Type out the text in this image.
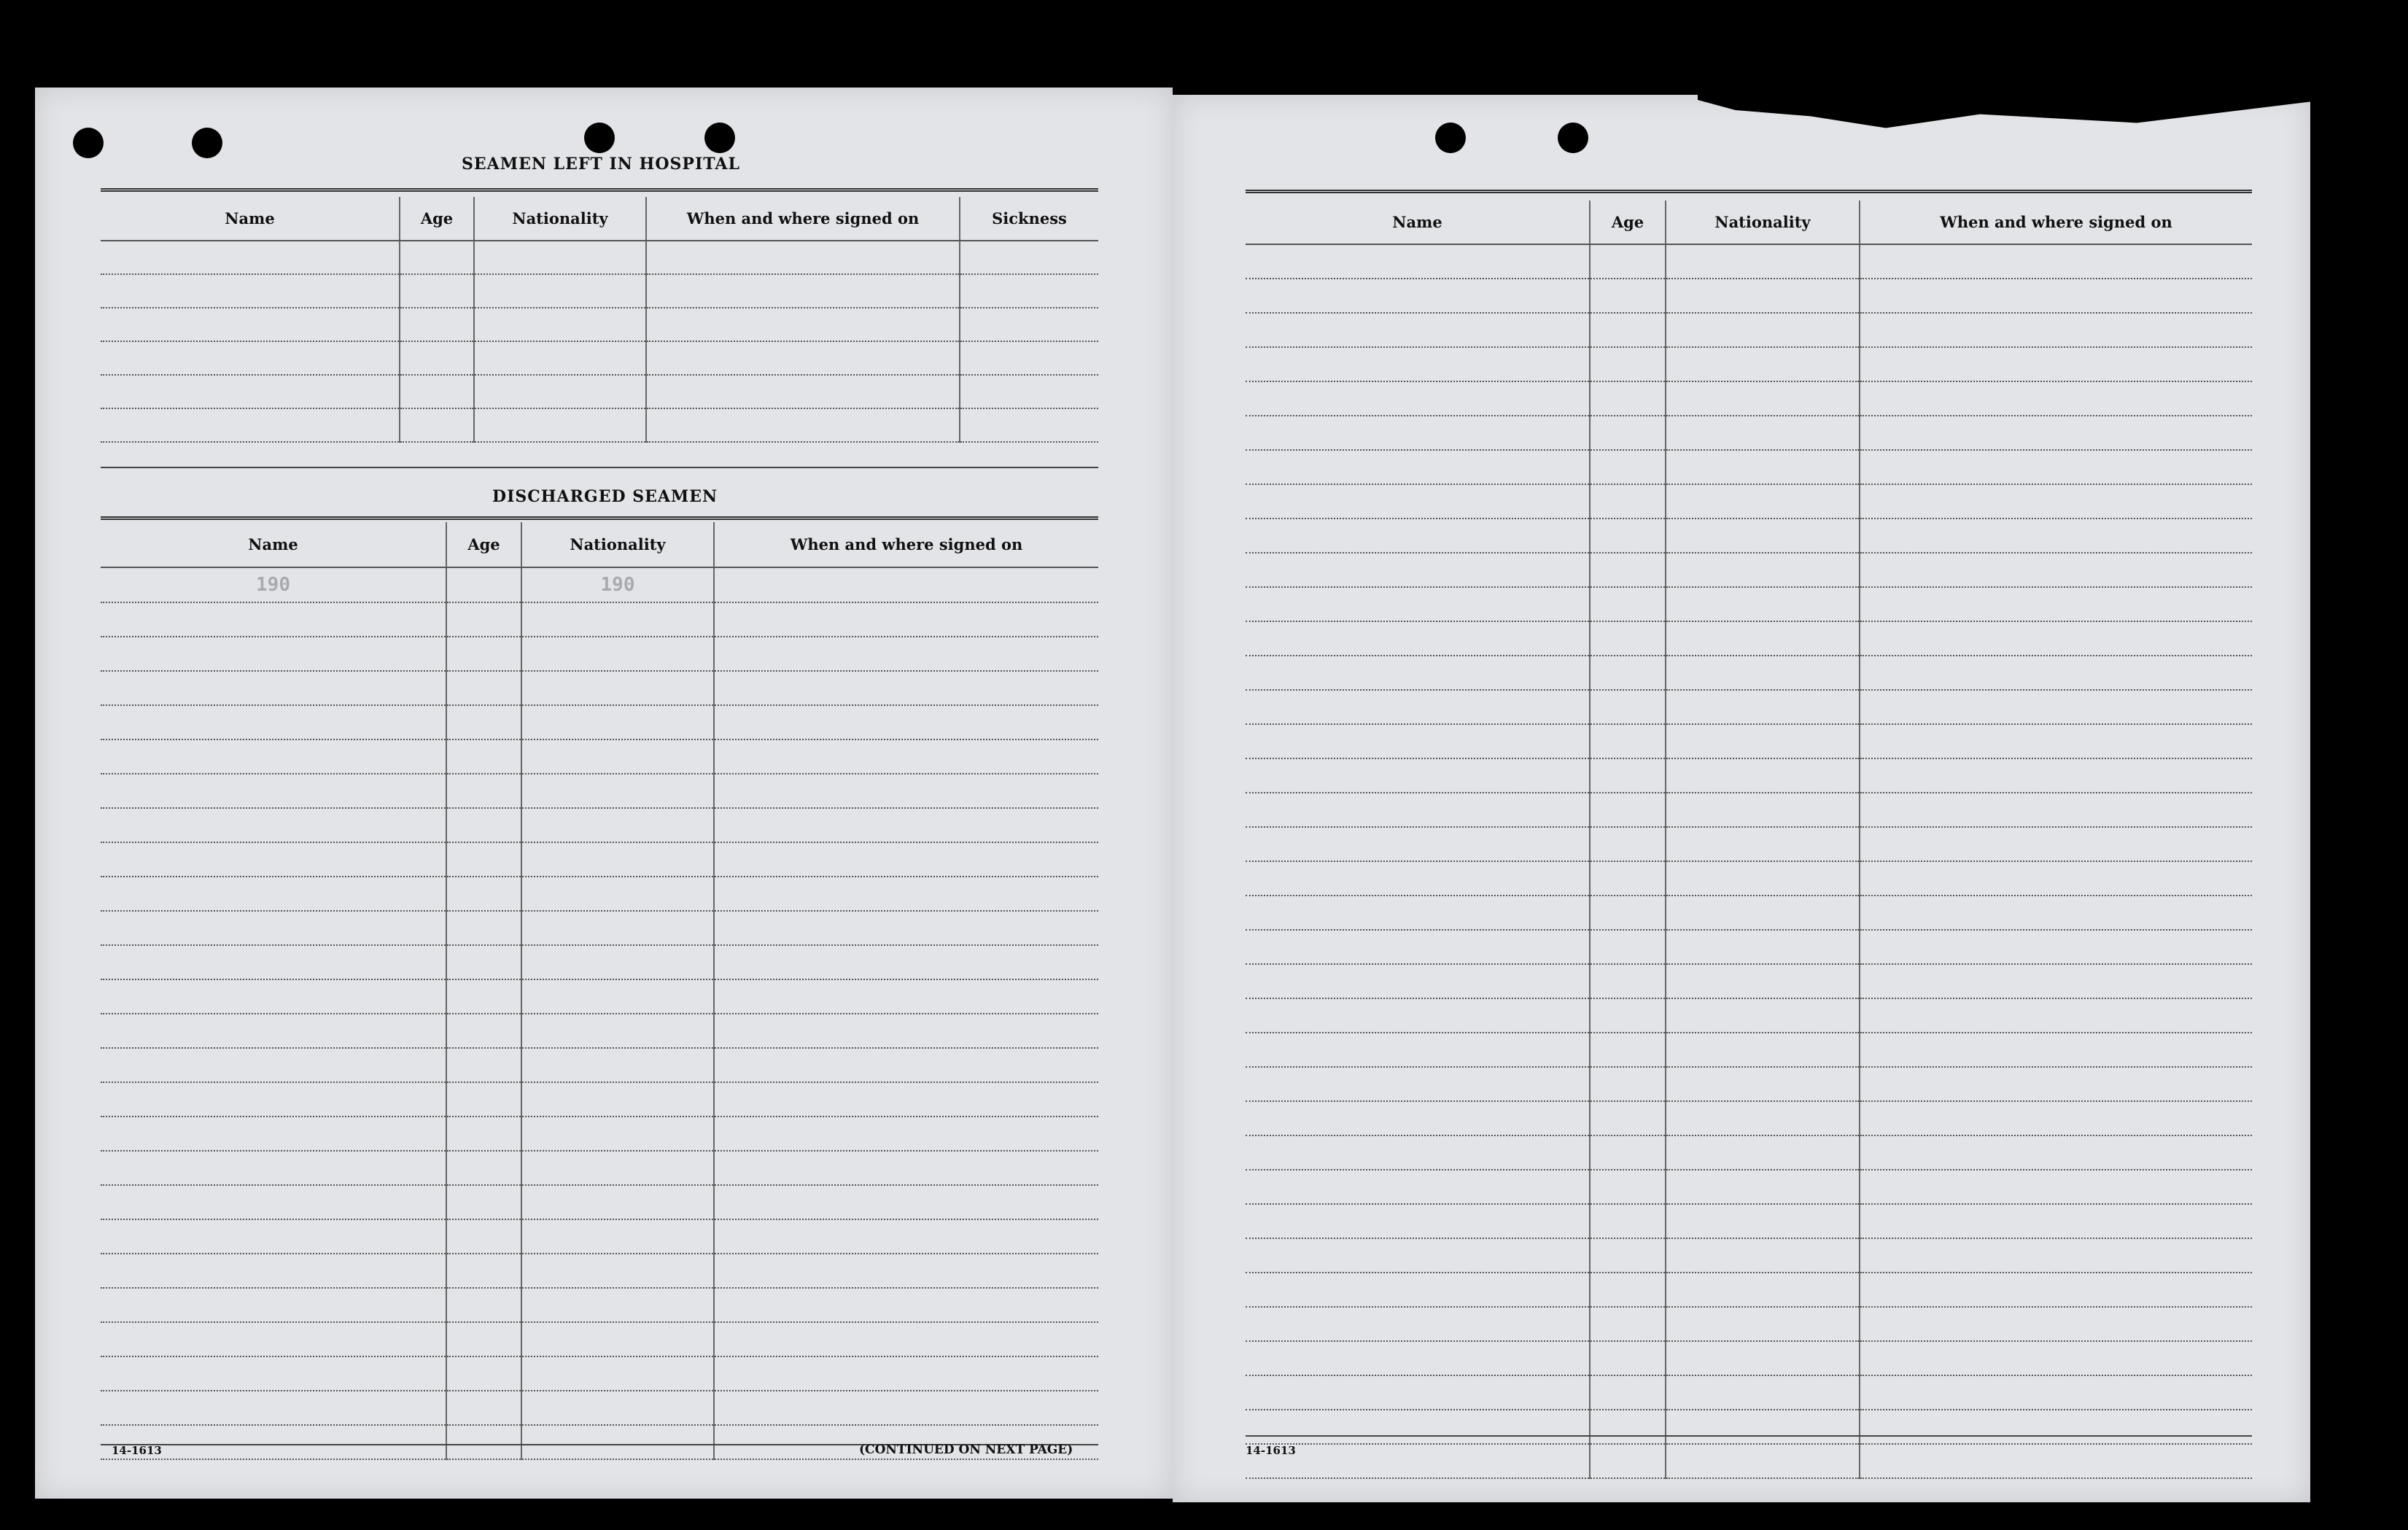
SEAMEN LEFT IN HOSPITAL
Name	Age	Nationality	When and where signed on	Sickness

DISCHARGED SEAMEN
Name	Age	Nationality	When and where signed on
190		190	

14-1613	(CONTINUED ON NEXT PAGE)

Name	Age	Nationality	When and where signed on

14-1613
